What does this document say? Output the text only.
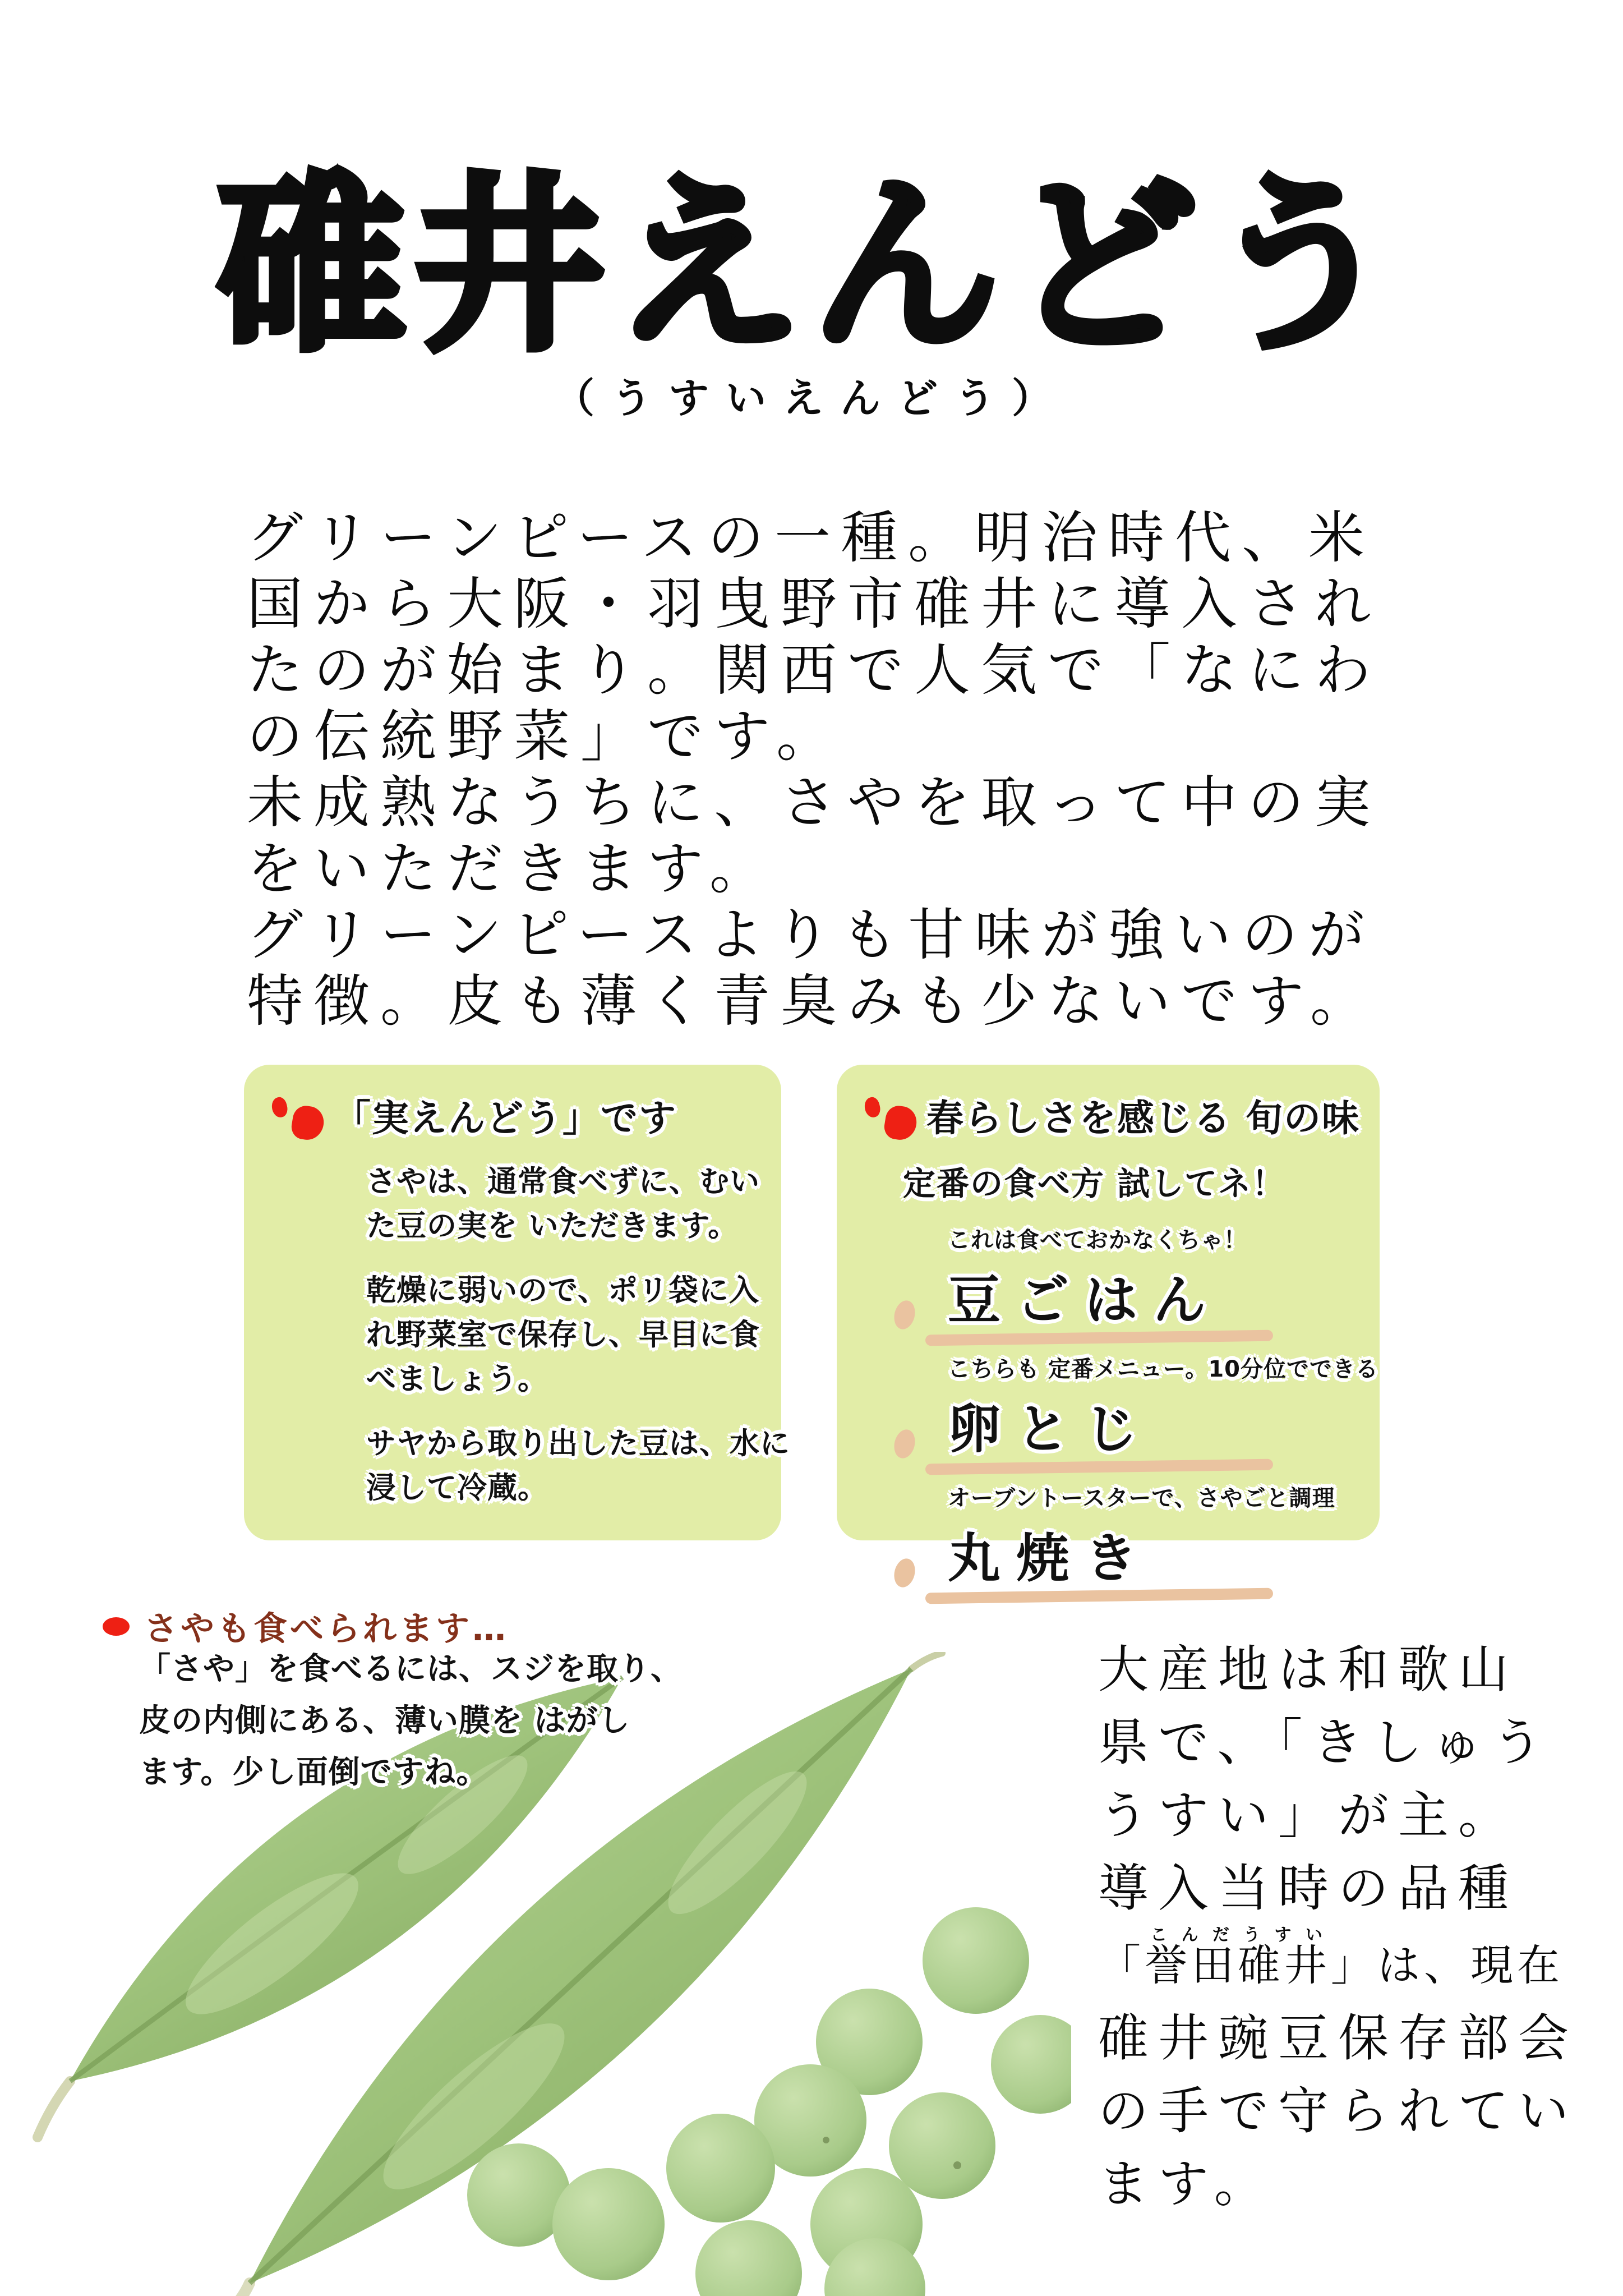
碓井えんどう
（うすいえんどう）
グリーンピースの一種。明治時代、米
国から大阪・羽曳野市碓井に導入され
たのが始まり。関西で人気で「なにわ
の伝統野菜」です。
未成熟なうちに、さやを取って中の実
をいただきます。
グリーンピースよりも甘味が強いのが
特徴。皮も薄く青臭みも少ないです。
「実えんどう」です
さやは、通常食べずに、むい
た豆の実を いただきます。
乾燥に弱いので、ポリ袋に入
れ野菜室で保存し、早目に食
べましょう。
サヤから取り出した豆は、水に
浸して冷蔵。
春らしさを感じる 旬の味
定番の食べ方 試してネ！
これは食べておかなくちゃ！
豆ごはん
こちらも 定番メニュー。10分位でできる
卵とじ
オーブントースターで、さやごと調理
丸焼き
さやも食べられます…
「さや」を食べるには、スジを取り、
皮の内側にある、薄い膜を はがし
ます。少し面倒ですね。
大産地は和歌山
県で、「きしゅう
うすい」が主。
導入当時の品種
「誉田こんだ碓井うすい」は、現在
碓井豌豆保存部会
の手で守られてい
ます。
